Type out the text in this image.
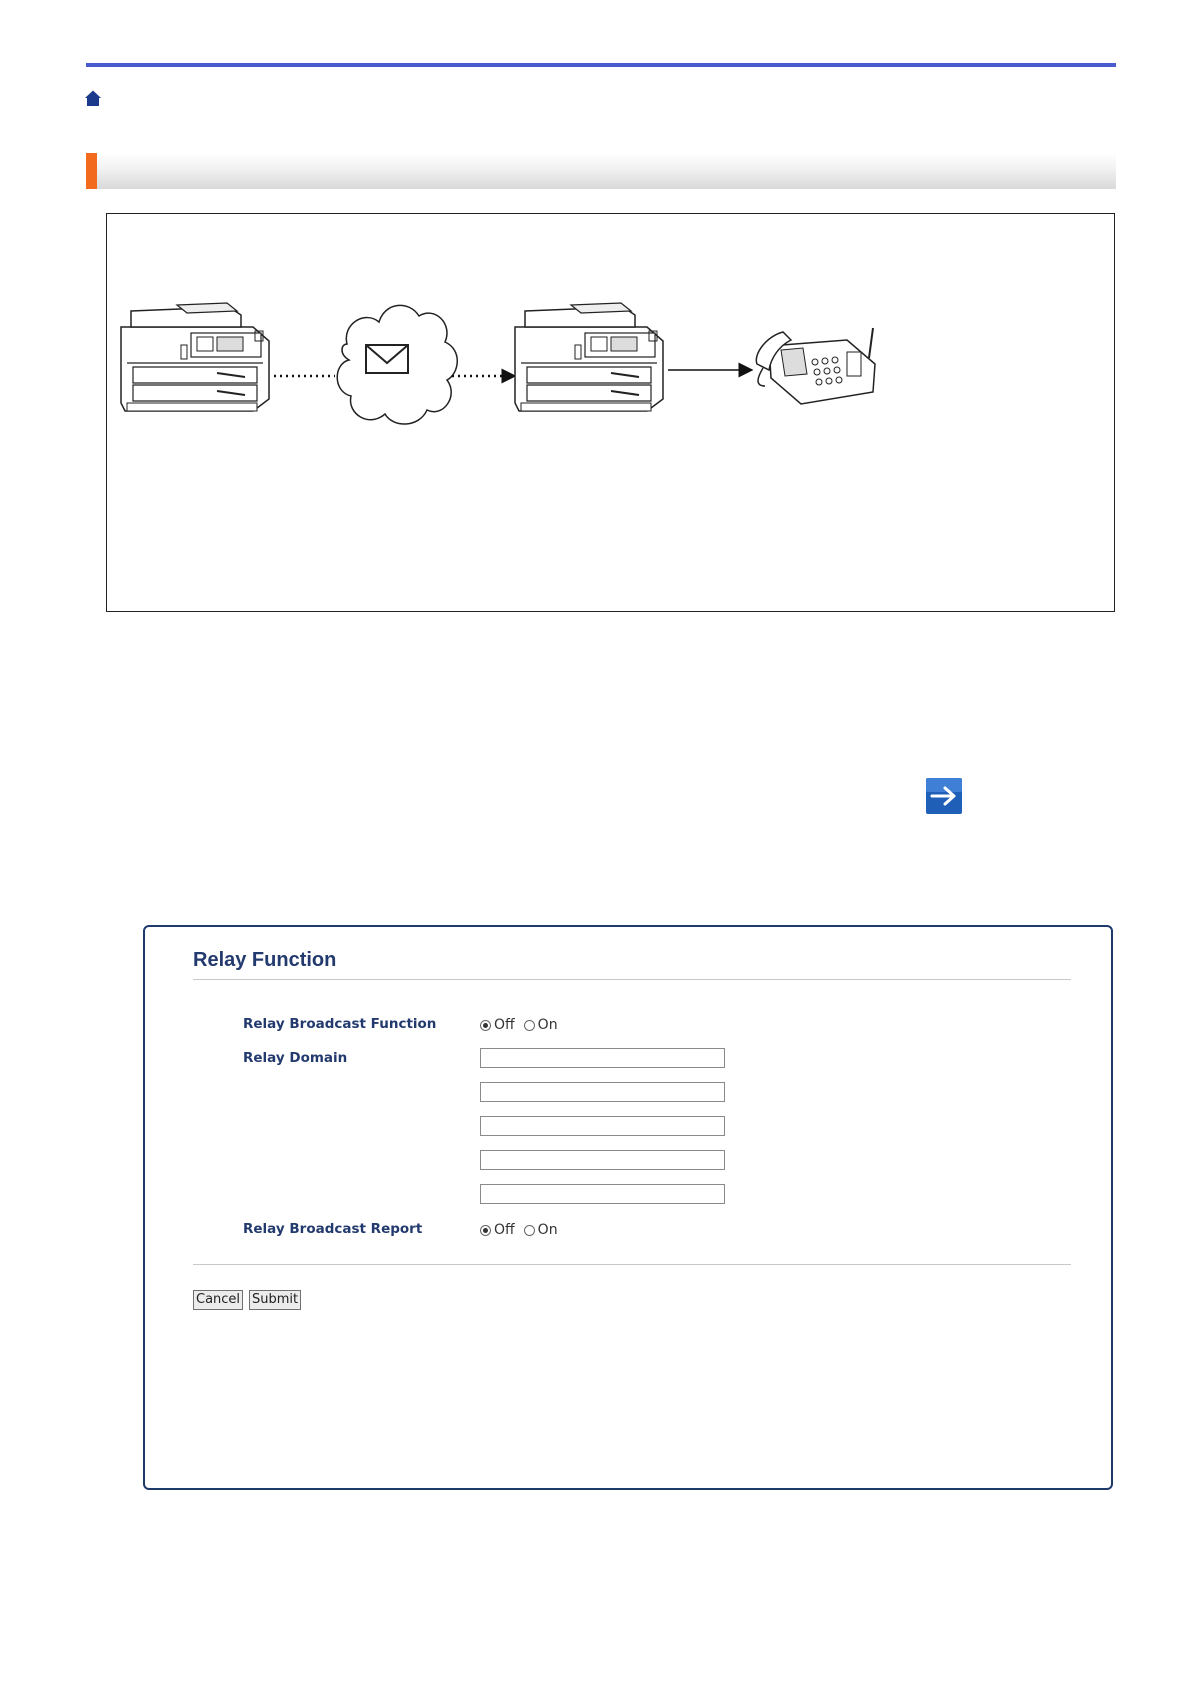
Relay Function
Relay Broadcast Function	Off On
Relay Domain
Relay Broadcast Report	Off On
Cancel Submit
